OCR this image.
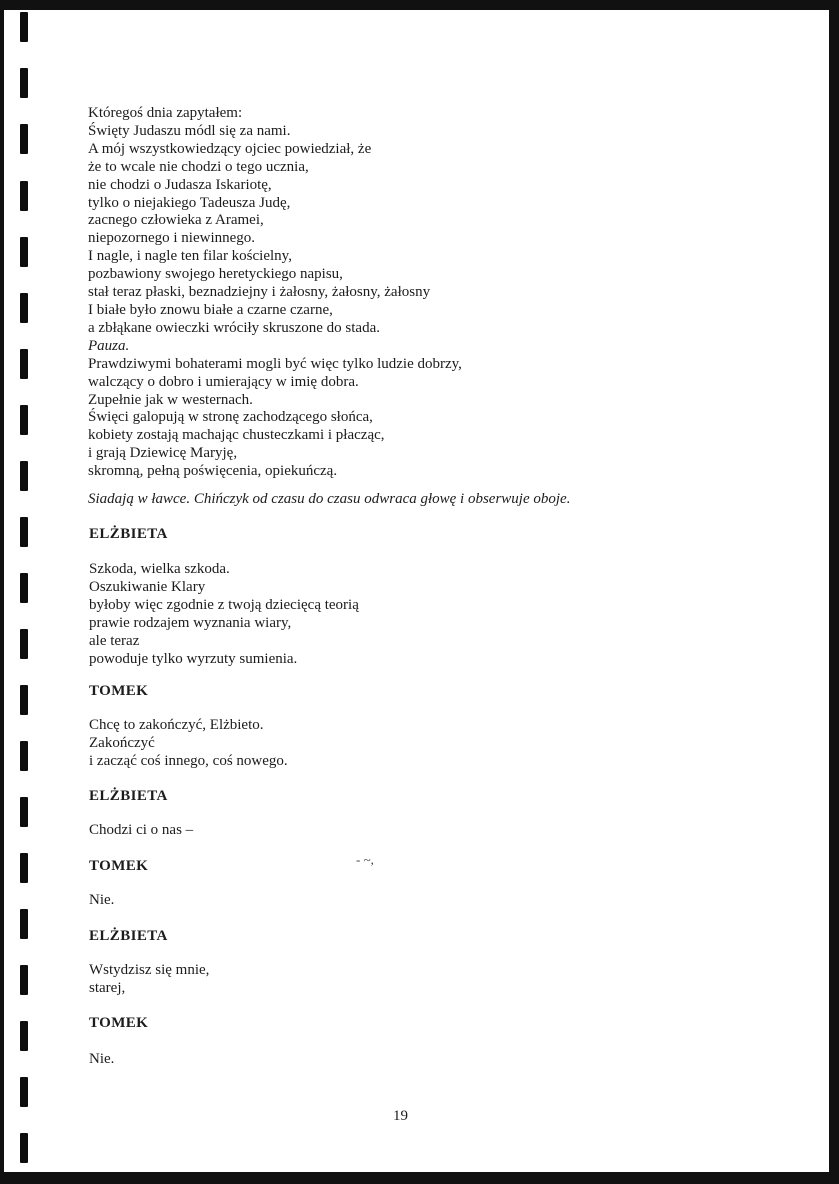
Któregoś dnia zapytałem:
Święty Judaszu módl się za nami.
A mój wszystkowiedzący ojciec powiedział, że
że to wcale nie chodzi o tego ucznia,
nie chodzi o Judasza Iskariotę,
tylko o niejakiego Tadeusza Judę,
zacnego człowieka z Aramei,
niepozornego i niewinnego.
I nagle, i nagle ten filar kościelny,
pozbawiony swojego heretyckiego napisu,
stał teraz płaski, beznadziejny i żałosny, żałosny, żałosny
I białe było znowu białe a czarne czarne,
a zbłąkane owieczki wróciły skruszone do stada.
Pauza.
Prawdziwymi bohaterami mogli być więc tylko ludzie dobrzy,
walczący o dobro i umierający w imię dobra.
Zupełnie jak w westernach.
Święci galopują w stronę zachodzącego słońca,
kobiety zostają machając chusteczkami i płacząc,
i grają Dziewicę Maryję,
skromną, pełną poświęcenia, opiekuńczą.
Siadają w ławce. Chińczyk od czasu do czasu odwraca głowę i obserwuje oboje.
ELŻBIETA
Szkoda, wielka szkoda.
Oszukiwanie Klary
byłoby więc zgodnie z twoją dziecięcą teorią
prawie rodzajem wyznania wiary,
ale teraz
powoduje tylko wyrzuty sumienia.
TOMEK
Chcę to zakończyć, Elżbieto.
Zakończyć
i zacząć coś innego, coś nowego.
ELŻBIETA
Chodzi ci o nas –
TOMEK
Nie.
ELŻBIETA
Wstydzisz się mnie,
starej,
TOMEK
Nie.
- ~,
19
